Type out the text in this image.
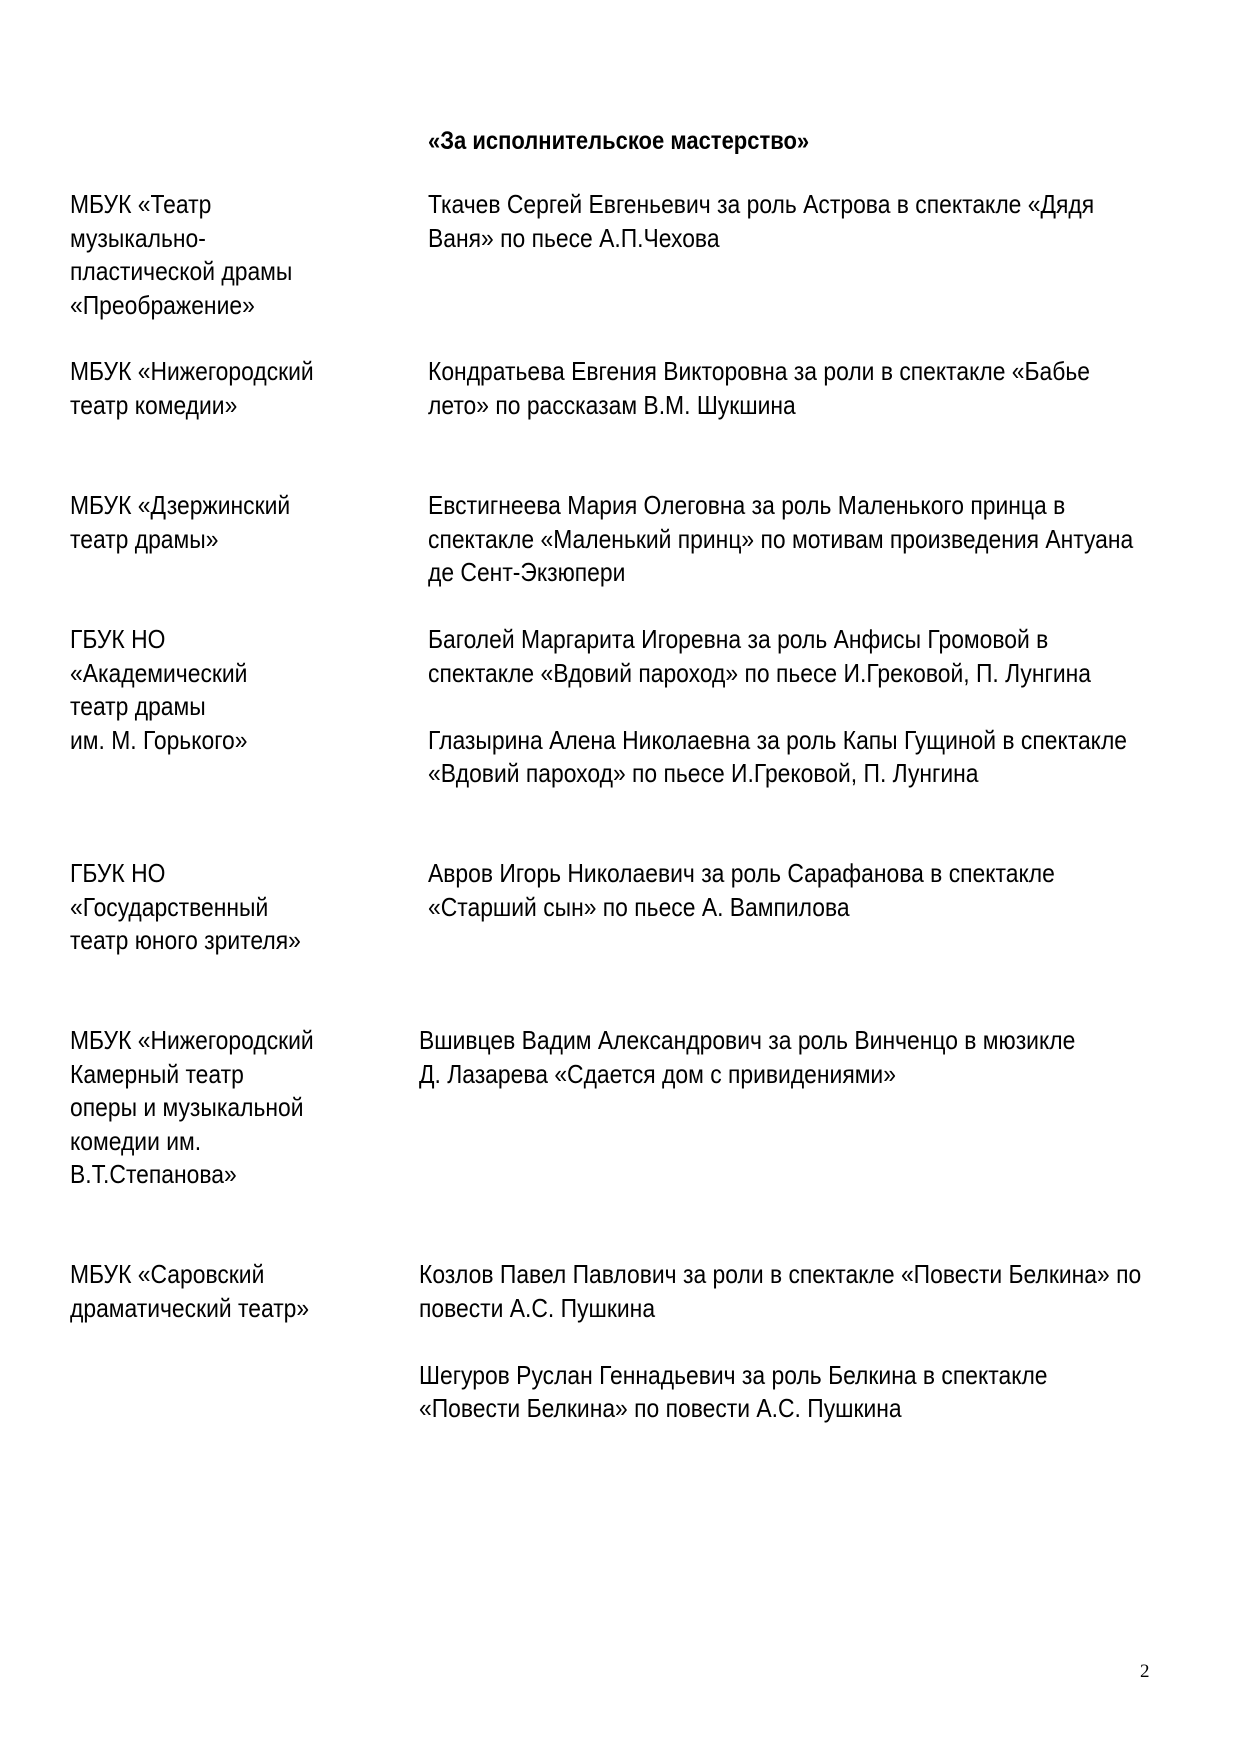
«За исполнительское мастерство»
МБУК «Театр
музыкально-
пластической драмы
«Преображение»
Ткачев Сергей Евгеньевич за роль Астрова в спектакле «Дядя
Ваня» по пьесе А.П.Чехова
МБУК «Нижегородский
театр комедии»
Кондратьева Евгения Викторовна за роли в спектакле «Бабье
лето» по рассказам В.М. Шукшина
МБУК «Дзержинский
театр драмы»
Евстигнеева Мария Олеговна за роль Маленького принца в
спектакле «Маленький принц» по мотивам произведения Антуана
де Сент-Экзюпери
ГБУК НО
«Академический
театр драмы
им. М. Горького»
Баголей Маргарита Игоревна за роль Анфисы Громовой в
спектакле «Вдовий пароход» по пьесе И.Грековой, П. Лунгина
Глазырина Алена Николаевна за роль Капы Гущиной в спектакле
«Вдовий пароход» по пьесе И.Грековой, П. Лунгина
ГБУК НО
«Государственный
театр юного зрителя»
Авров Игорь Николаевич за роль Сарафанова в спектакле
«Старший сын» по пьесе А. Вампилова
МБУК «Нижегородский
Камерный театр
оперы и музыкальной
комедии им.
В.Т.Степанова»
Вшивцев Вадим Александрович за роль Винченцо в мюзикле
Д. Лазарева «Сдается дом с привидениями»
МБУК «Саровский
драматический театр»
Козлов Павел Павлович за роли в спектакле «Повести Белкина» по
повести А.С. Пушкина
Шегуров Руслан Геннадьевич за роль Белкина в спектакле
«Повести Белкина» по повести А.С. Пушкина
2
